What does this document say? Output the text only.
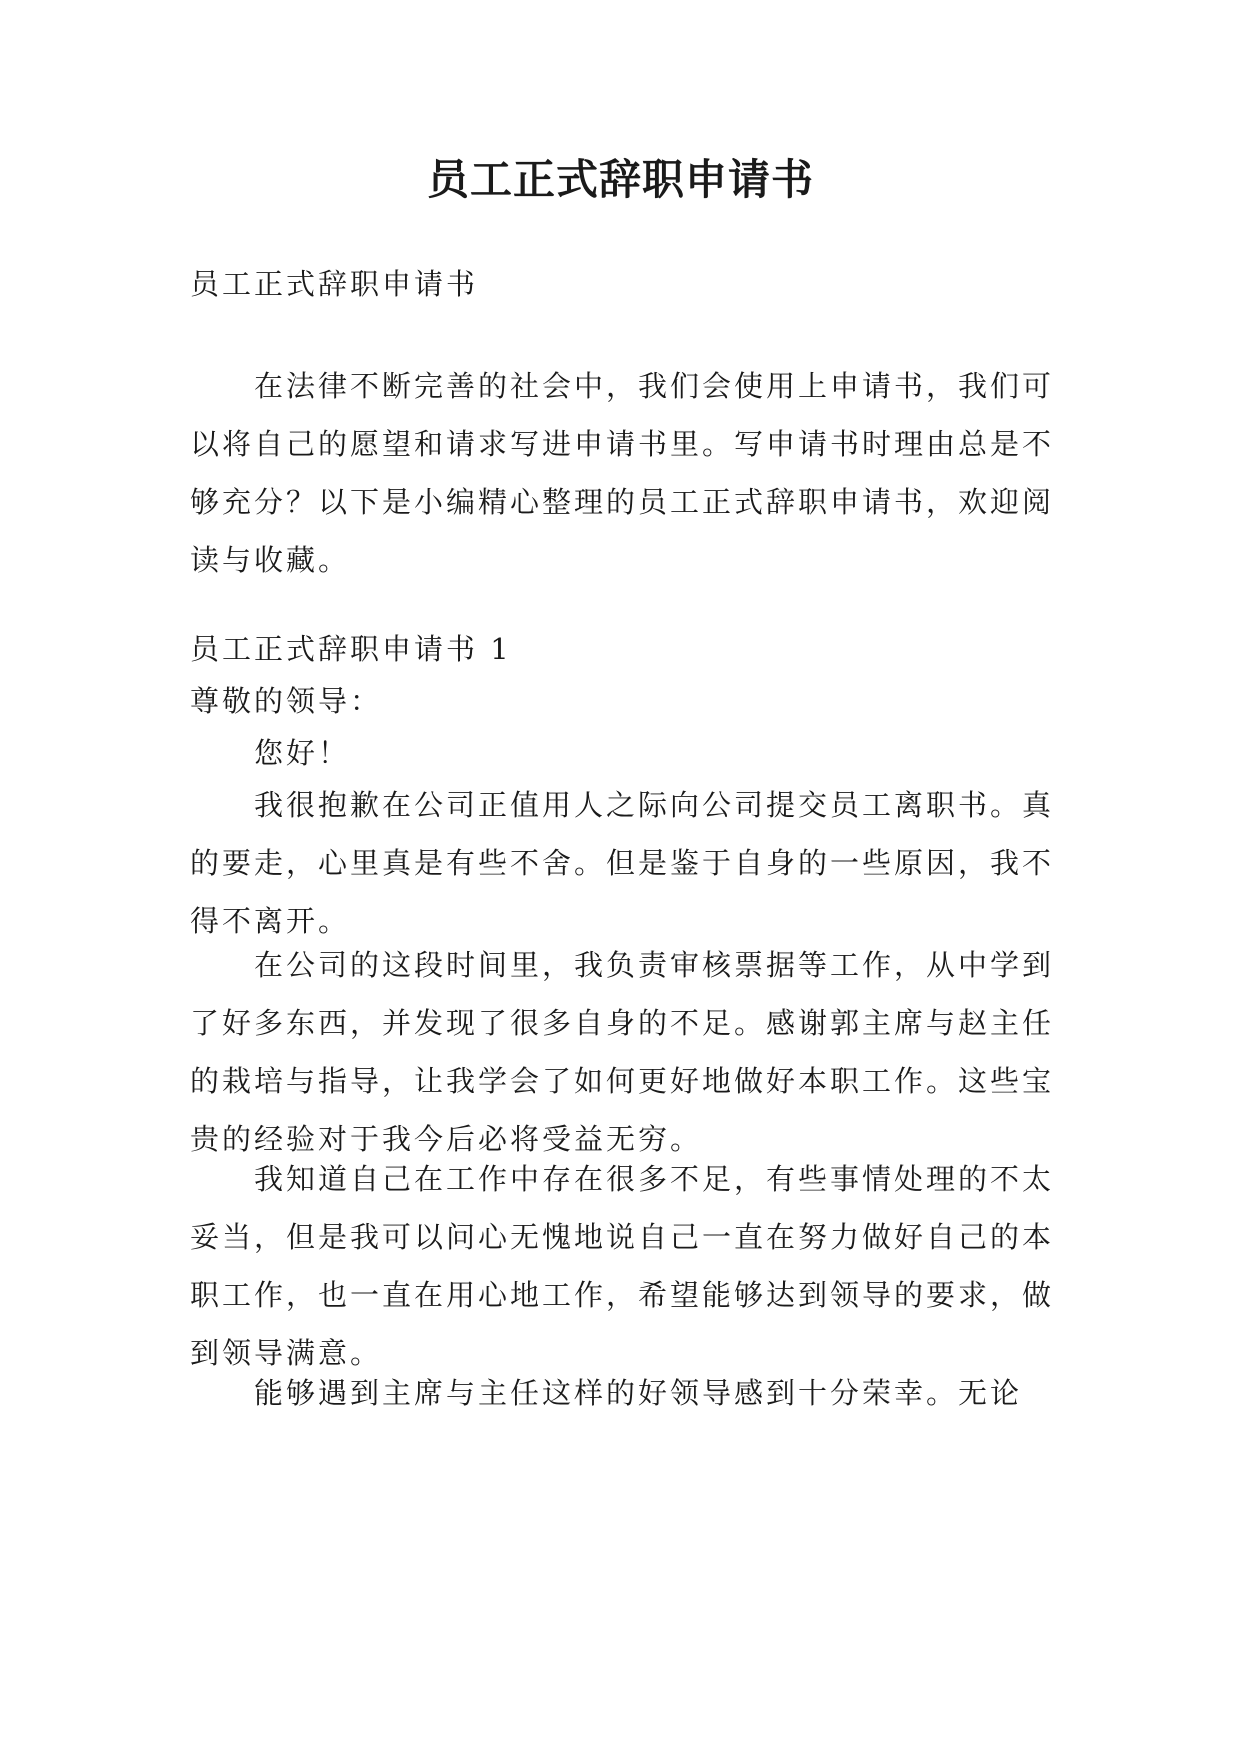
员工正式辞职申请书

员工正式辞职申请书

在法律不断完善的社会中，我们会使用上申请书，我们可以将自己的愿望和请求写进申请书里。写申请书时理由总是不够充分？以下是小编精心整理的员工正式辞职申请书，欢迎阅读与收藏。

员工正式辞职申请书 1

尊敬的领导：

您好！

我很抱歉在公司正值用人之际向公司提交员工离职书。真的要走，心里真是有些不舍。但是鉴于自身的一些原因，我不得不离开。

在公司的这段时间里，我负责审核票据等工作，从中学到了好多东西，并发现了很多自身的不足。感谢郭主席与赵主任的栽培与指导，让我学会了如何更好地做好本职工作。这些宝贵的经验对于我今后必将受益无穷。

我知道自己在工作中存在很多不足，有些事情处理的不太妥当，但是我可以问心无愧地说自己一直在努力做好自己的本职工作，也一直在用心地工作，希望能够达到领导的要求，做到领导满意。

能够遇到主席与主任这样的好领导感到十分荣幸。无论
